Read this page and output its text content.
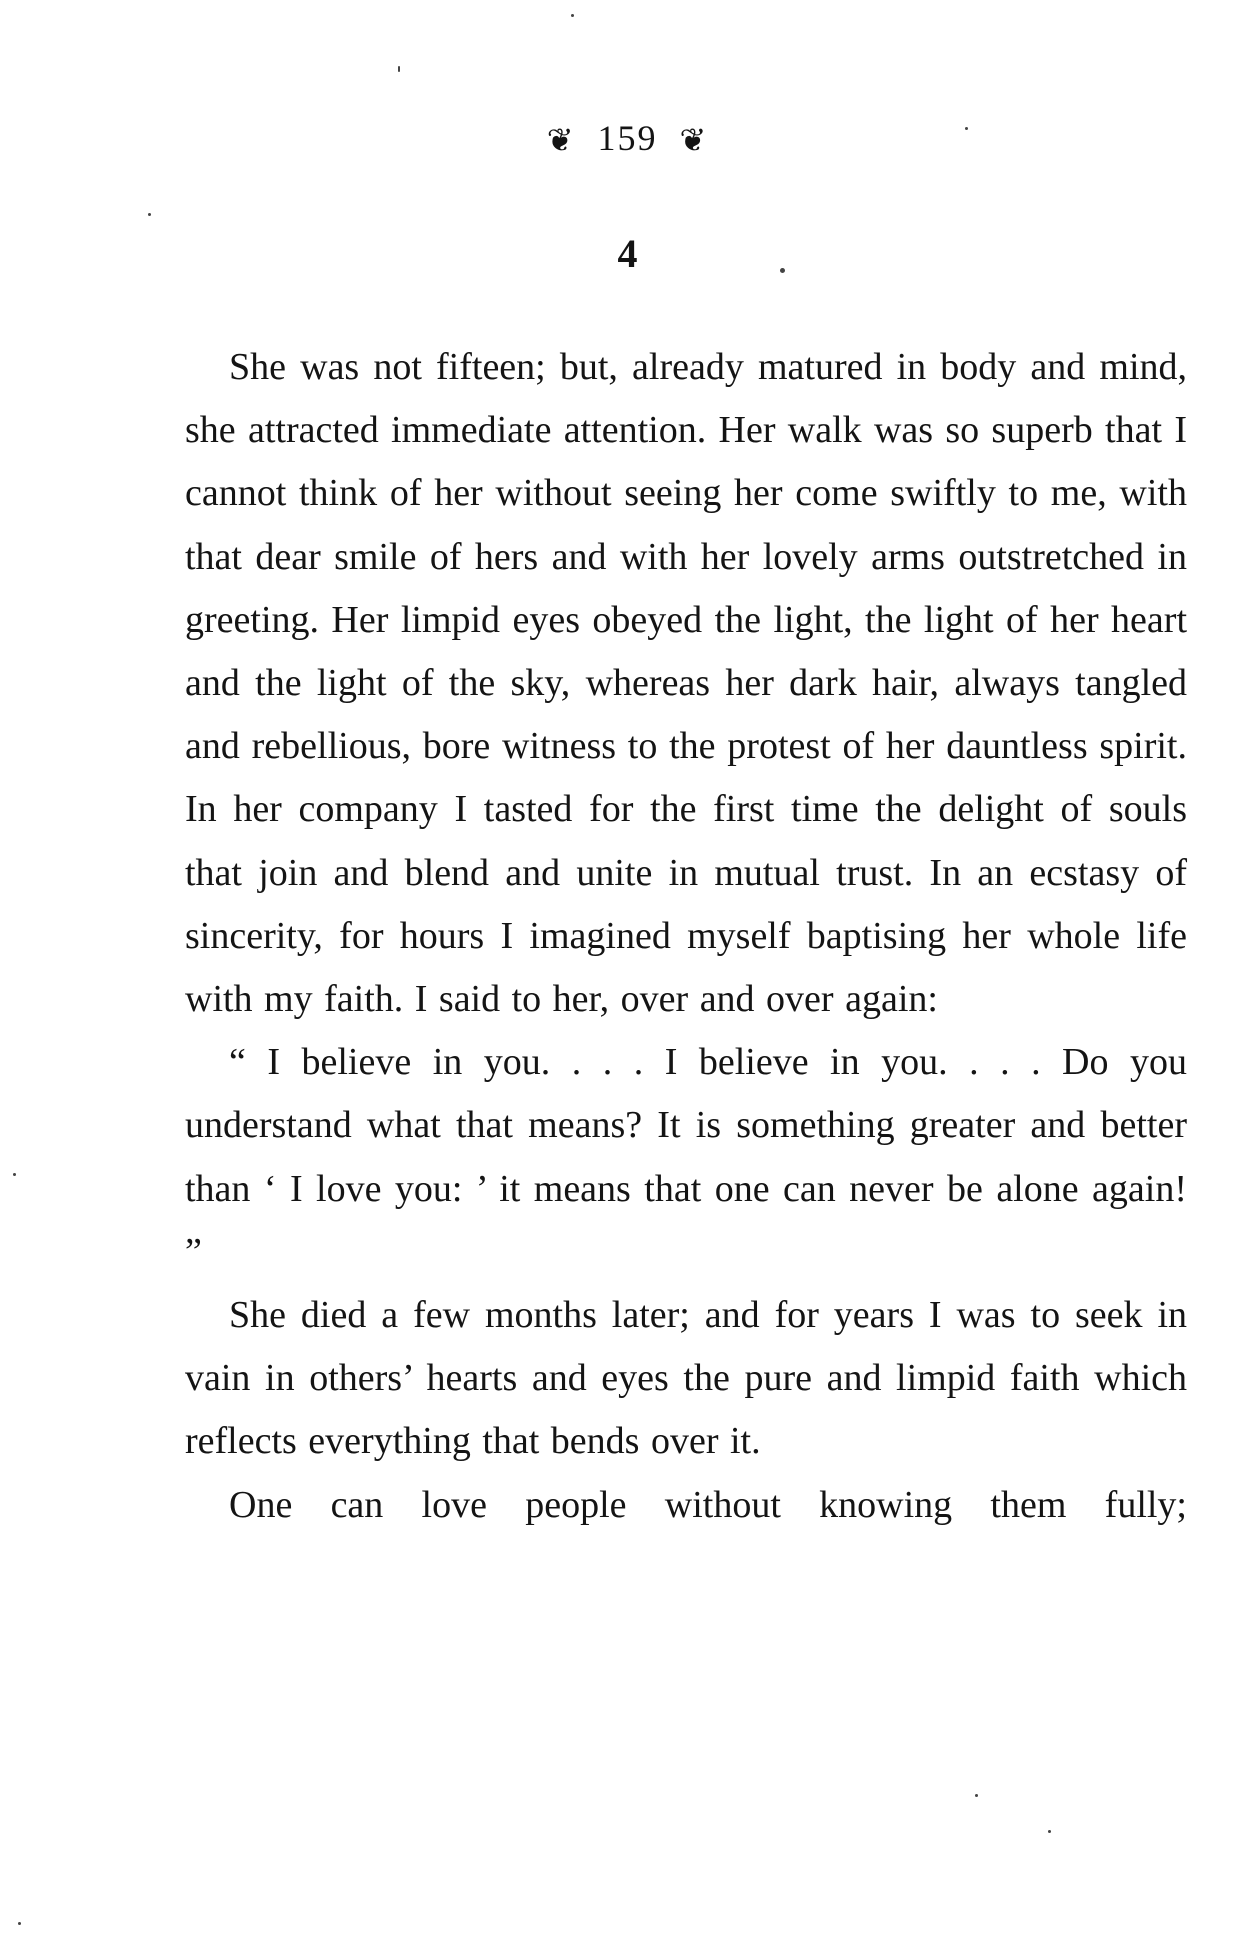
❦ 159 ❦
4

She was not fifteen; but, already matured in body and mind, she attracted immediate attention. Her walk was so superb that I cannot think of her without seeing her come swiftly to me, with that dear smile of hers and with her lovely arms outstretched in greeting. Her limpid eyes obeyed the light, the light of her heart and the light of the sky, whereas her dark hair, always tangled and rebellious, bore witness to the protest of her dauntless spirit. In her company I tasted for the first time the delight of souls that join and blend and unite in mutual trust. In an ecstasy of sincerity, for hours I imagined myself baptising her whole life with my faith. I said to her, over and over again:

“ I believe in you. . . . I believe in you. . . . Do you understand what that means? It is something greater and better than ‘ I love you: ’ it means that one can never be alone again! ”

She died a few months later; and for years I was to seek in vain in others’ hearts and eyes the pure and limpid faith which reflects everything that bends over it.

One can love people without knowing them fully;
